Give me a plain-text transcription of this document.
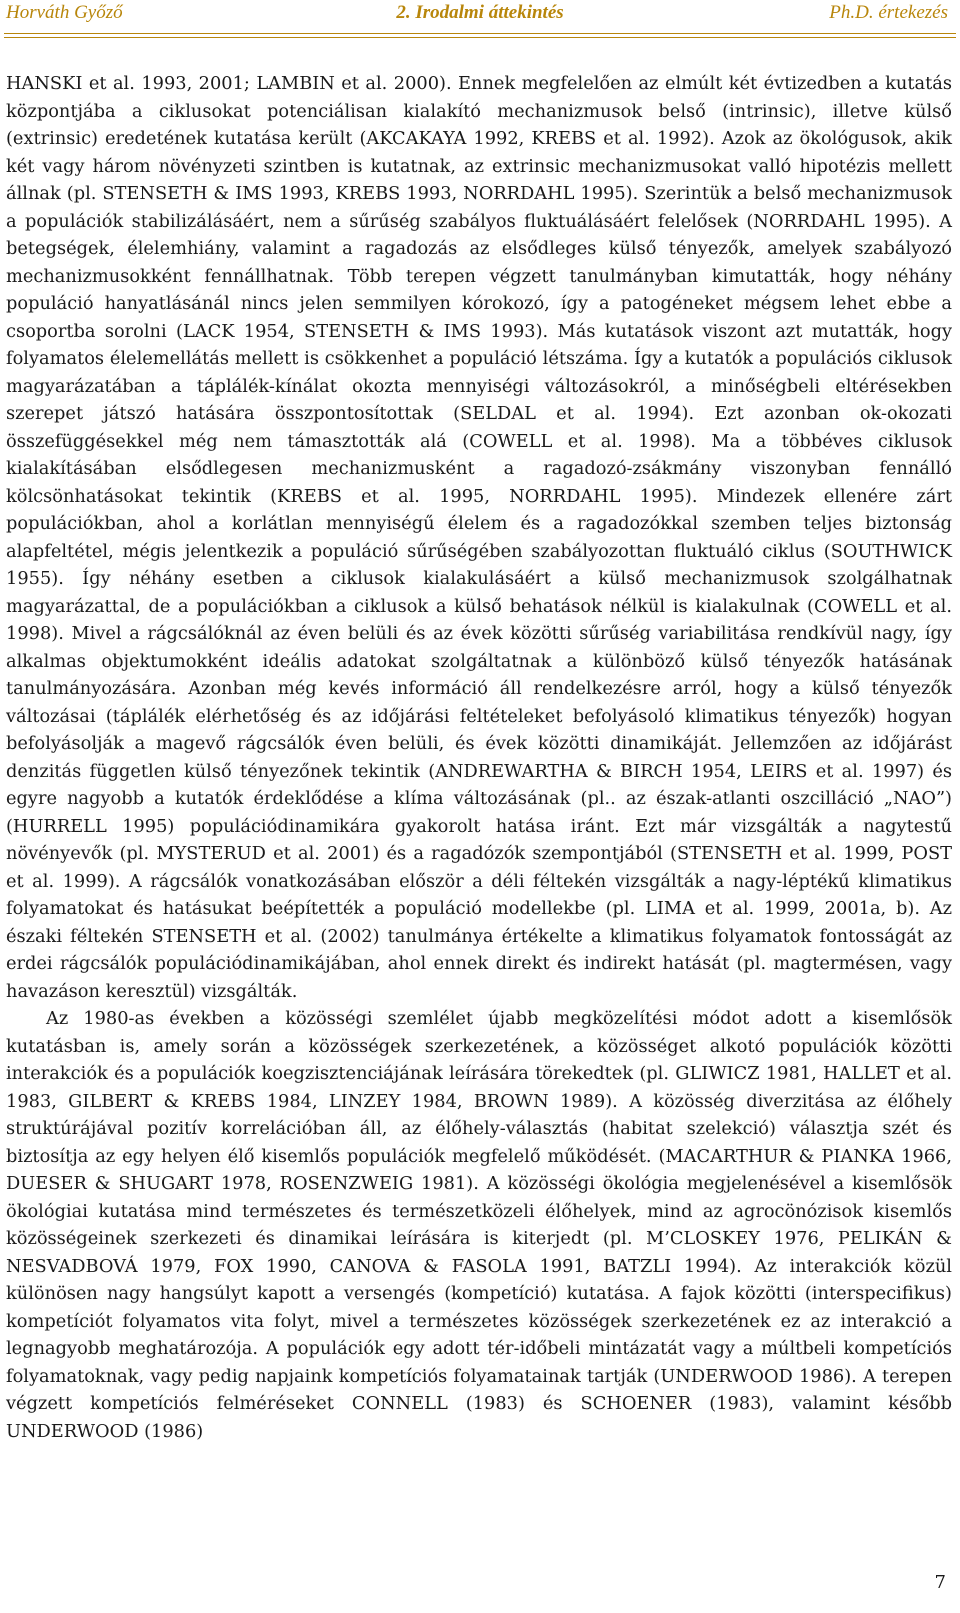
Horváth Győző	2. Irodalmi áttekintés	Ph.D. értekezés

HANSKI et al. 1993, 2001; LAMBIN et al. 2000). Ennek megfelelően az elmúlt két évtizedben a kutatás központjába a ciklusokat potenciálisan kialakító mechanizmusok belső (intrinsic), illetve külső (extrinsic) eredetének kutatása került (AKCAKAYA 1992, KREBS et al. 1992). Azok az ökológusok, akik két vagy három növényzeti szintben is kutatnak, az extrinsic mechanizmusokat valló hipotézis mellett állnak (pl. STENSETH & IMS 1993, KREBS 1993, NORRDAHL 1995). Szerintük a belső mechanizmusok a populációk stabilizálásáért, nem a sűrűség szabályos fluktuálásáért felelősek (NORRDAHL 1995). A betegségek, élelemhiány, valamint a ragadozás az elsődleges külső tényezők, amelyek szabályozó mechanizmusokként fennállhatnak. Több terepen végzett tanulmányban kimutatták, hogy néhány populáció hanyatlásánál nincs jelen semmilyen kórokozó, így a patogéneket mégsem lehet ebbe a csoportba sorolni (LACK 1954, STENSETH & IMS 1993). Más kutatások viszont azt mutatták, hogy folyamatos élelemellátás mellett is csökkenhet a populáció létszáma. Így a kutatók a populációs ciklusok magyarázatában a táplálék-kínálat okozta mennyiségi változásokról, a minőségbeli eltérésekben szerepet játszó hatására összpontosítottak (SELDAL et al. 1994). Ezt azonban ok-okozati összefüggésekkel még nem támasztották alá (COWELL et al. 1998). Ma a többéves ciklusok kialakításában elsődlegesen mechanizmusként a ragadozó-zsákmány viszonyban fennálló kölcsönhatásokat tekintik (KREBS et al. 1995, NORRDAHL 1995). Mindezek ellenére zárt populációkban, ahol a korlátlan mennyiségű élelem és a ragadozókkal szemben teljes biztonság alapfeltétel, mégis jelentkezik a populáció sűrűségében szabályozottan fluktuáló ciklus (SOUTHWICK 1955). Így néhány esetben a ciklusok kialakulásáért a külső mechanizmusok szolgálhatnak magyarázattal, de a populációkban a ciklusok a külső behatások nélkül is kialakulnak (COWELL et al. 1998). Mivel a rágcsálóknál az éven belüli és az évek közötti sűrűség variabilitása rendkívül nagy, így alkalmas objektumokként ideális adatokat szolgáltatnak a különböző külső tényezők hatásának tanulmányozására. Azonban még kevés információ áll rendelkezésre arról, hogy a külső tényezők változásai (táplálék elérhetőség és az időjárási feltételeket befolyásoló klimatikus tényezők) hogyan befolyásolják a magevő rágcsálók éven belüli, és évek közötti dinamikáját. Jellemzően az időjárást denzitás független külső tényezőnek tekintik (ANDREWARTHA & BIRCH 1954, LEIRS et al. 1997) és egyre nagyobb a kutatók érdeklődése a klíma változásának (pl.. az észak-atlanti oszcilláció „NAO”) (HURRELL 1995) populációdinamikára gyakorolt hatása iránt. Ezt már vizsgálták a nagytestű növényevők (pl. MYSTERUD et al. 2001) és a ragadózók szempontjából (STENSETH et al. 1999, POST et al. 1999). A rágcsálók vonatkozásában először a déli féltekén vizsgálták a nagy-léptékű klimatikus folyamatokat és hatásukat beépítették a populáció modellekbe (pl. LIMA et al. 1999, 2001a, b). Az északi féltekén STENSETH et al. (2002) tanulmánya értékelte a klimatikus folyamatok fontosságát az erdei rágcsálók populációdinamikájában, ahol ennek direkt és indirekt hatását (pl. magtermésen, vagy havazáson keresztül) vizsgálták.

Az 1980-as években a közösségi szemlélet újabb megközelítési módot adott a kisemlősök kutatásban is, amely során a közösségek szerkezetének, a közösséget alkotó populációk közötti interakciók és a populációk koegzisztenciájának leírására törekedtek (pl. GLIWICZ 1981, HALLET et al. 1983, GILBERT & KREBS 1984, LINZEY 1984, BROWN 1989). A közösség diverzitása az élőhely struktúrájával pozitív korrelációban áll, az élőhely-választás (habitat szelekció) választja szét és biztosítja az egy helyen élő kisemlős populációk megfelelő működését. (MACARTHUR & PIANKA 1966, DUESER & SHUGART 1978, ROSENZWEIG 1981). A közösségi ökológia megjelenésével a kisemlősök ökológiai kutatása mind természetes és természetközeli élőhelyek, mind az agrocönózisok kisemlős közösségeinek szerkezeti és dinamikai leírására is kiterjedt (pl. M’CLOSKEY 1976, PELIKÁN & NESVADBOVÁ 1979, FOX 1990, CANOVA & FASOLA 1991, BATZLI 1994). Az interakciók közül különösen nagy hangsúlyt kapott a versengés (kompetíció) kutatása. A fajok közötti (interspecifikus) kompetíciót folyamatos vita folyt, mivel a természetes közösségek szerkezetének ez az interakció a legnagyobb meghatározója. A populációk egy adott tér-időbeli mintázatát vagy a múltbeli kompetíciós folyamatoknak, vagy pedig napjaink kompetíciós folyamatainak tartják (UNDERWOOD 1986). A terepen végzett kompetíciós felméréseket CONNELL (1983) és SCHOENER (1983), valamint később UNDERWOOD (1986)

7
